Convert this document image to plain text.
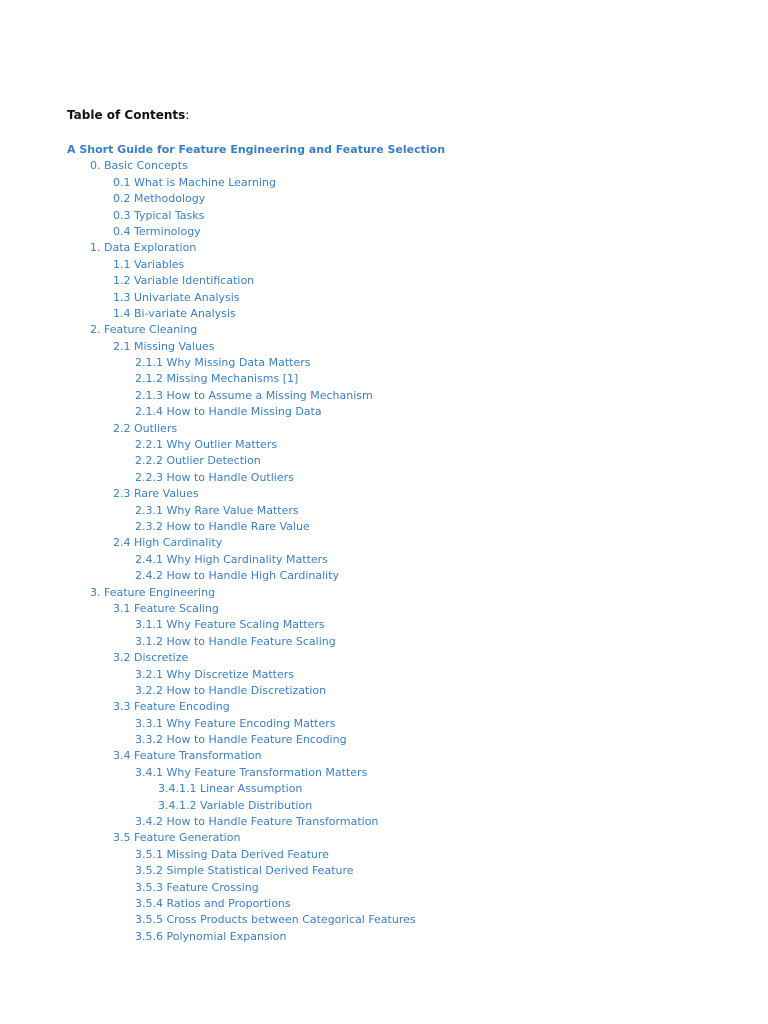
Table of Contents:
A Short Guide for Feature Engineering and Feature Selection
0. Basic Concepts
0.1 What is Machine Learning
0.2 Methodology
0.3 Typical Tasks
0.4 Terminology
1. Data Exploration
1.1 Variables
1.2 Variable Identification
1.3 Univariate Analysis
1.4 Bi-variate Analysis
2. Feature Cleaning
2.1 Missing Values
2.1.1 Why Missing Data Matters
2.1.2 Missing Mechanisms [1]
2.1.3 How to Assume a Missing Mechanism
2.1.4 How to Handle Missing Data
2.2 Outliers
2.2.1 Why Outlier Matters
2.2.2 Outlier Detection
2.2.3 How to Handle Outliers
2.3 Rare Values
2.3.1 Why Rare Value Matters
2.3.2 How to Handle Rare Value
2.4 High Cardinality
2.4.1 Why High Cardinality Matters
2.4.2 How to Handle High Cardinality
3. Feature Engineering
3.1 Feature Scaling
3.1.1 Why Feature Scaling Matters
3.1.2 How to Handle Feature Scaling
3.2 Discretize
3.2.1 Why Discretize Matters
3.2.2 How to Handle Discretization
3.3 Feature Encoding
3.3.1 Why Feature Encoding Matters
3.3.2 How to Handle Feature Encoding
3.4 Feature Transformation
3.4.1 Why Feature Transformation Matters
3.4.1.1 Linear Assumption
3.4.1.2 Variable Distribution
3.4.2 How to Handle Feature Transformation
3.5 Feature Generation
3.5.1 Missing Data Derived Feature
3.5.2 Simple Statistical Derived Feature
3.5.3 Feature Crossing
3.5.4 Ratios and Proportions
3.5.5 Cross Products between Categorical Features
3.5.6 Polynomial Expansion
